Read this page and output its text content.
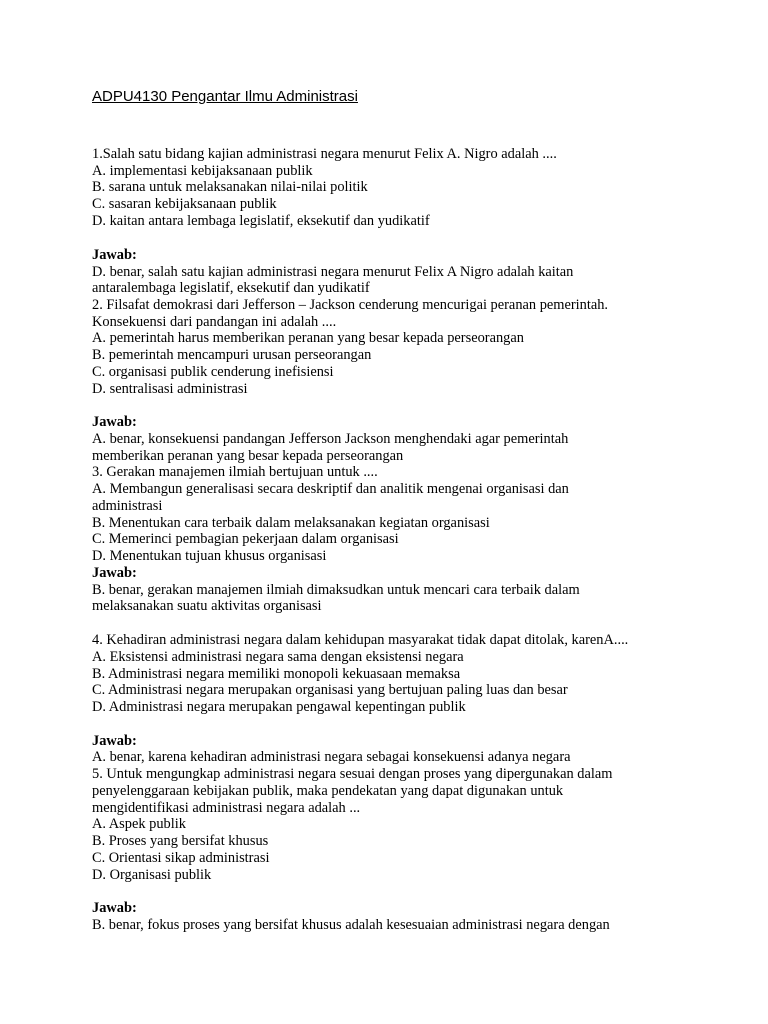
ADPU4130 Pengantar Ilmu Administrasi
1.Salah satu bidang kajian administrasi negara menurut Felix A. Nigro adalah ....
A. implementasi kebijaksanaan publik
B. sarana untuk melaksanakan nilai-nilai politik
C. sasaran kebijaksanaan publik
D. kaitan antara lembaga legislatif, eksekutif dan yudikatif
Jawab:
D. benar, salah satu kajian administrasi negara menurut Felix A Nigro adalah kaitan
antaralembaga legislatif, eksekutif dan yudikatif
2. Filsafat demokrasi dari Jefferson – Jackson cenderung mencurigai peranan pemerintah.
Konsekuensi dari pandangan ini adalah ....
A. pemerintah harus memberikan peranan yang besar kepada perseorangan
B. pemerintah mencampuri urusan perseorangan
C. organisasi publik cenderung inefisiensi
D. sentralisasi administrasi
Jawab:
A. benar, konsekuensi pandangan Jefferson Jackson menghendaki agar pemerintah
memberikan peranan yang besar kepada perseorangan
3. Gerakan manajemen ilmiah bertujuan untuk ....
A. Membangun generalisasi secara deskriptif dan analitik mengenai organisasi dan
administrasi
B. Menentukan cara terbaik dalam melaksanakan kegiatan organisasi
C. Memerinci pembagian pekerjaan dalam organisasi
D. Menentukan tujuan khusus organisasi
Jawab:
B. benar, gerakan manajemen ilmiah dimaksudkan untuk mencari cara terbaik dalam
melaksanakan suatu aktivitas organisasi
4. Kehadiran administrasi negara dalam kehidupan masyarakat tidak dapat ditolak, karenA....
A. Eksistensi administrasi negara sama dengan eksistensi negara
B. Administrasi negara memiliki monopoli kekuasaan memaksa
C. Administrasi negara merupakan organisasi yang bertujuan paling luas dan besar
D. Administrasi negara merupakan pengawal kepentingan publik
Jawab:
A. benar, karena kehadiran administrasi negara sebagai konsekuensi adanya negara
5. Untuk mengungkap administrasi negara sesuai dengan proses yang dipergunakan dalam
penyelenggaraan kebijakan publik, maka pendekatan yang dapat digunakan untuk
mengidentifikasi administrasi negara adalah ...
A. Aspek publik
B. Proses yang bersifat khusus
C. Orientasi sikap administrasi
D. Organisasi publik
Jawab:
B. benar, fokus proses yang bersifat khusus adalah kesesuaian administrasi negara dengan
